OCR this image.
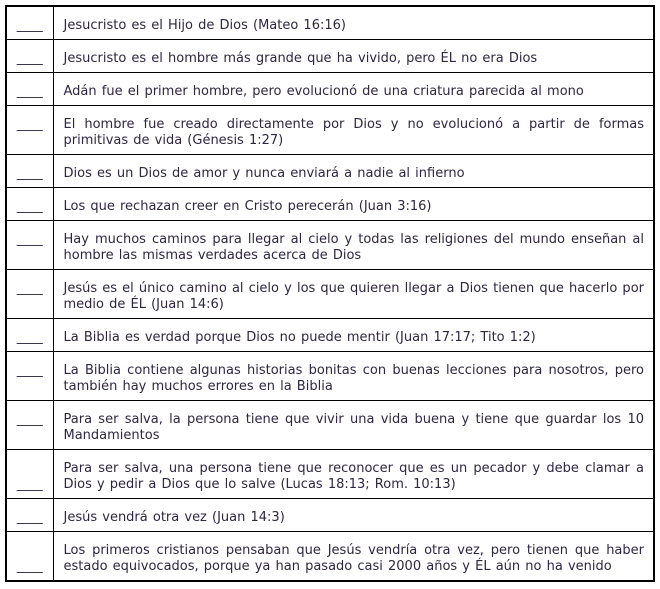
____	Jesucristo es el Hijo de Dios (Mateo 16:16)
____	Jesucristo es el hombre más grande que ha vivido, pero ÉL no era Dios
____	Adán fue el primer hombre, pero evolucionó de una criatura parecida al mono
____	El hombre fue creado directamente por Dios y no evolucionó a partir de formas primitivas de vida (Génesis 1:27)
____	Dios es un Dios de amor y nunca enviará a nadie al infierno
____	Los que rechazan creer en Cristo perecerán (Juan 3:16)
____	Hay muchos caminos para llegar al cielo y todas las religiones del mundo enseñan al hombre las mismas verdades acerca de Dios
____	Jesús es el único camino al cielo y los que quieren llegar a Dios tienen que hacerlo por medio de ÉL (Juan 14:6)
____	La Biblia es verdad porque Dios no puede mentir (Juan 17:17; Tito 1:2)
____	La Biblia contiene algunas historias bonitas con buenas lecciones para nosotros, pero también hay muchos errores en la Biblia
____	Para ser salva, la persona tiene que vivir una vida buena y tiene que guardar los 10 Mandamientos
____	Para ser salva, una persona tiene que reconocer que es un pecador y debe clamar a Dios y pedir a Dios que lo salve (Lucas 18:13; Rom. 10:13)
____	Jesús vendrá otra vez (Juan 14:3)
____	Los primeros cristianos pensaban que Jesús vendría otra vez, pero tienen que haber estado equivocados, porque ya han pasado casi 2000 años y ÉL aún no ha venido
